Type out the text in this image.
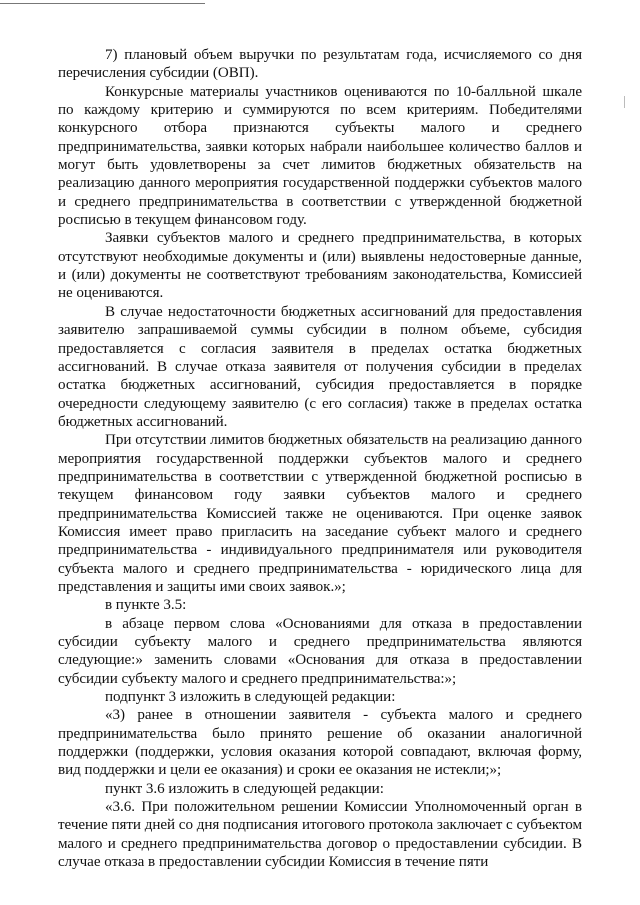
7) плановый объем выручки по результатам года, исчисляемого со дня перечисления субсидии (ОВП).

Конкурсные материалы участников оцениваются по 10-балльной шкале по каждому критерию и суммируются по всем критериям. Победителями конкурсного отбора признаются субъекты малого и среднего предпринимательства, заявки которых набрали наибольшее количество баллов и могут быть удовлетворены за счет лимитов бюджетных обязательств на реализацию данного мероприятия государственной поддержки субъектов малого и среднего предпринимательства в соответствии с утвержденной бюджетной росписью в текущем финансовом году.

Заявки субъектов малого и среднего предпринимательства, в которых отсутствуют необходимые документы и (или) выявлены недостоверные данные, и (или) документы не соответствуют требованиям законодательства, Комиссией не оцениваются.

В случае недостаточности бюджетных ассигнований для предоставления заявителю запрашиваемой суммы субсидии в полном объеме, субсидия предоставляется с согласия заявителя в пределах остатка бюджетных ассигнований. В случае отказа заявителя от получения субсидии в пределах остатка бюджетных ассигнований, субсидия предоставляется в порядке очередности следующему заявителю (с его согласия) также в пределах остатка бюджетных ассигнований.

При отсутствии лимитов бюджетных обязательств на реализацию данного мероприятия государственной поддержки субъектов малого и среднего предпринимательства в соответствии с утвержденной бюджетной росписью в текущем финансовом году заявки субъектов малого и среднего предпринимательства Комиссией также не оцениваются. При оценке заявок Комиссия имеет право пригласить на заседание субъект малого и среднего предпринимательства - индивидуального предпринимателя или руководителя субъекта малого и среднего предпринимательства - юридического лица для представления и защиты ими своих заявок.»;

в пункте 3.5:

в абзаце первом слова «Основаниями для отказа в предоставлении субсидии субъекту малого и среднего предпринимательства являются следующие:» заменить словами «Основания для отказа в предоставлении субсидии субъекту малого и среднего предпринимательства:»;

подпункт 3 изложить в следующей редакции:

«3) ранее в отношении заявителя - субъекта малого и среднего предпринимательства было принято решение об оказании аналогичной поддержки (поддержки, условия оказания которой совпадают, включая форму, вид поддержки и цели ее оказания) и сроки ее оказания не истекли;»;

пункт 3.6 изложить в следующей редакции:

«3.6. При положительном решении Комиссии Уполномоченный орган в течение пяти дней со дня подписания итогового протокола заключает с субъектом малого и среднего предпринимательства договор о предоставлении субсидии. В случае отказа в предоставлении субсидии Комиссия в течение пяти
